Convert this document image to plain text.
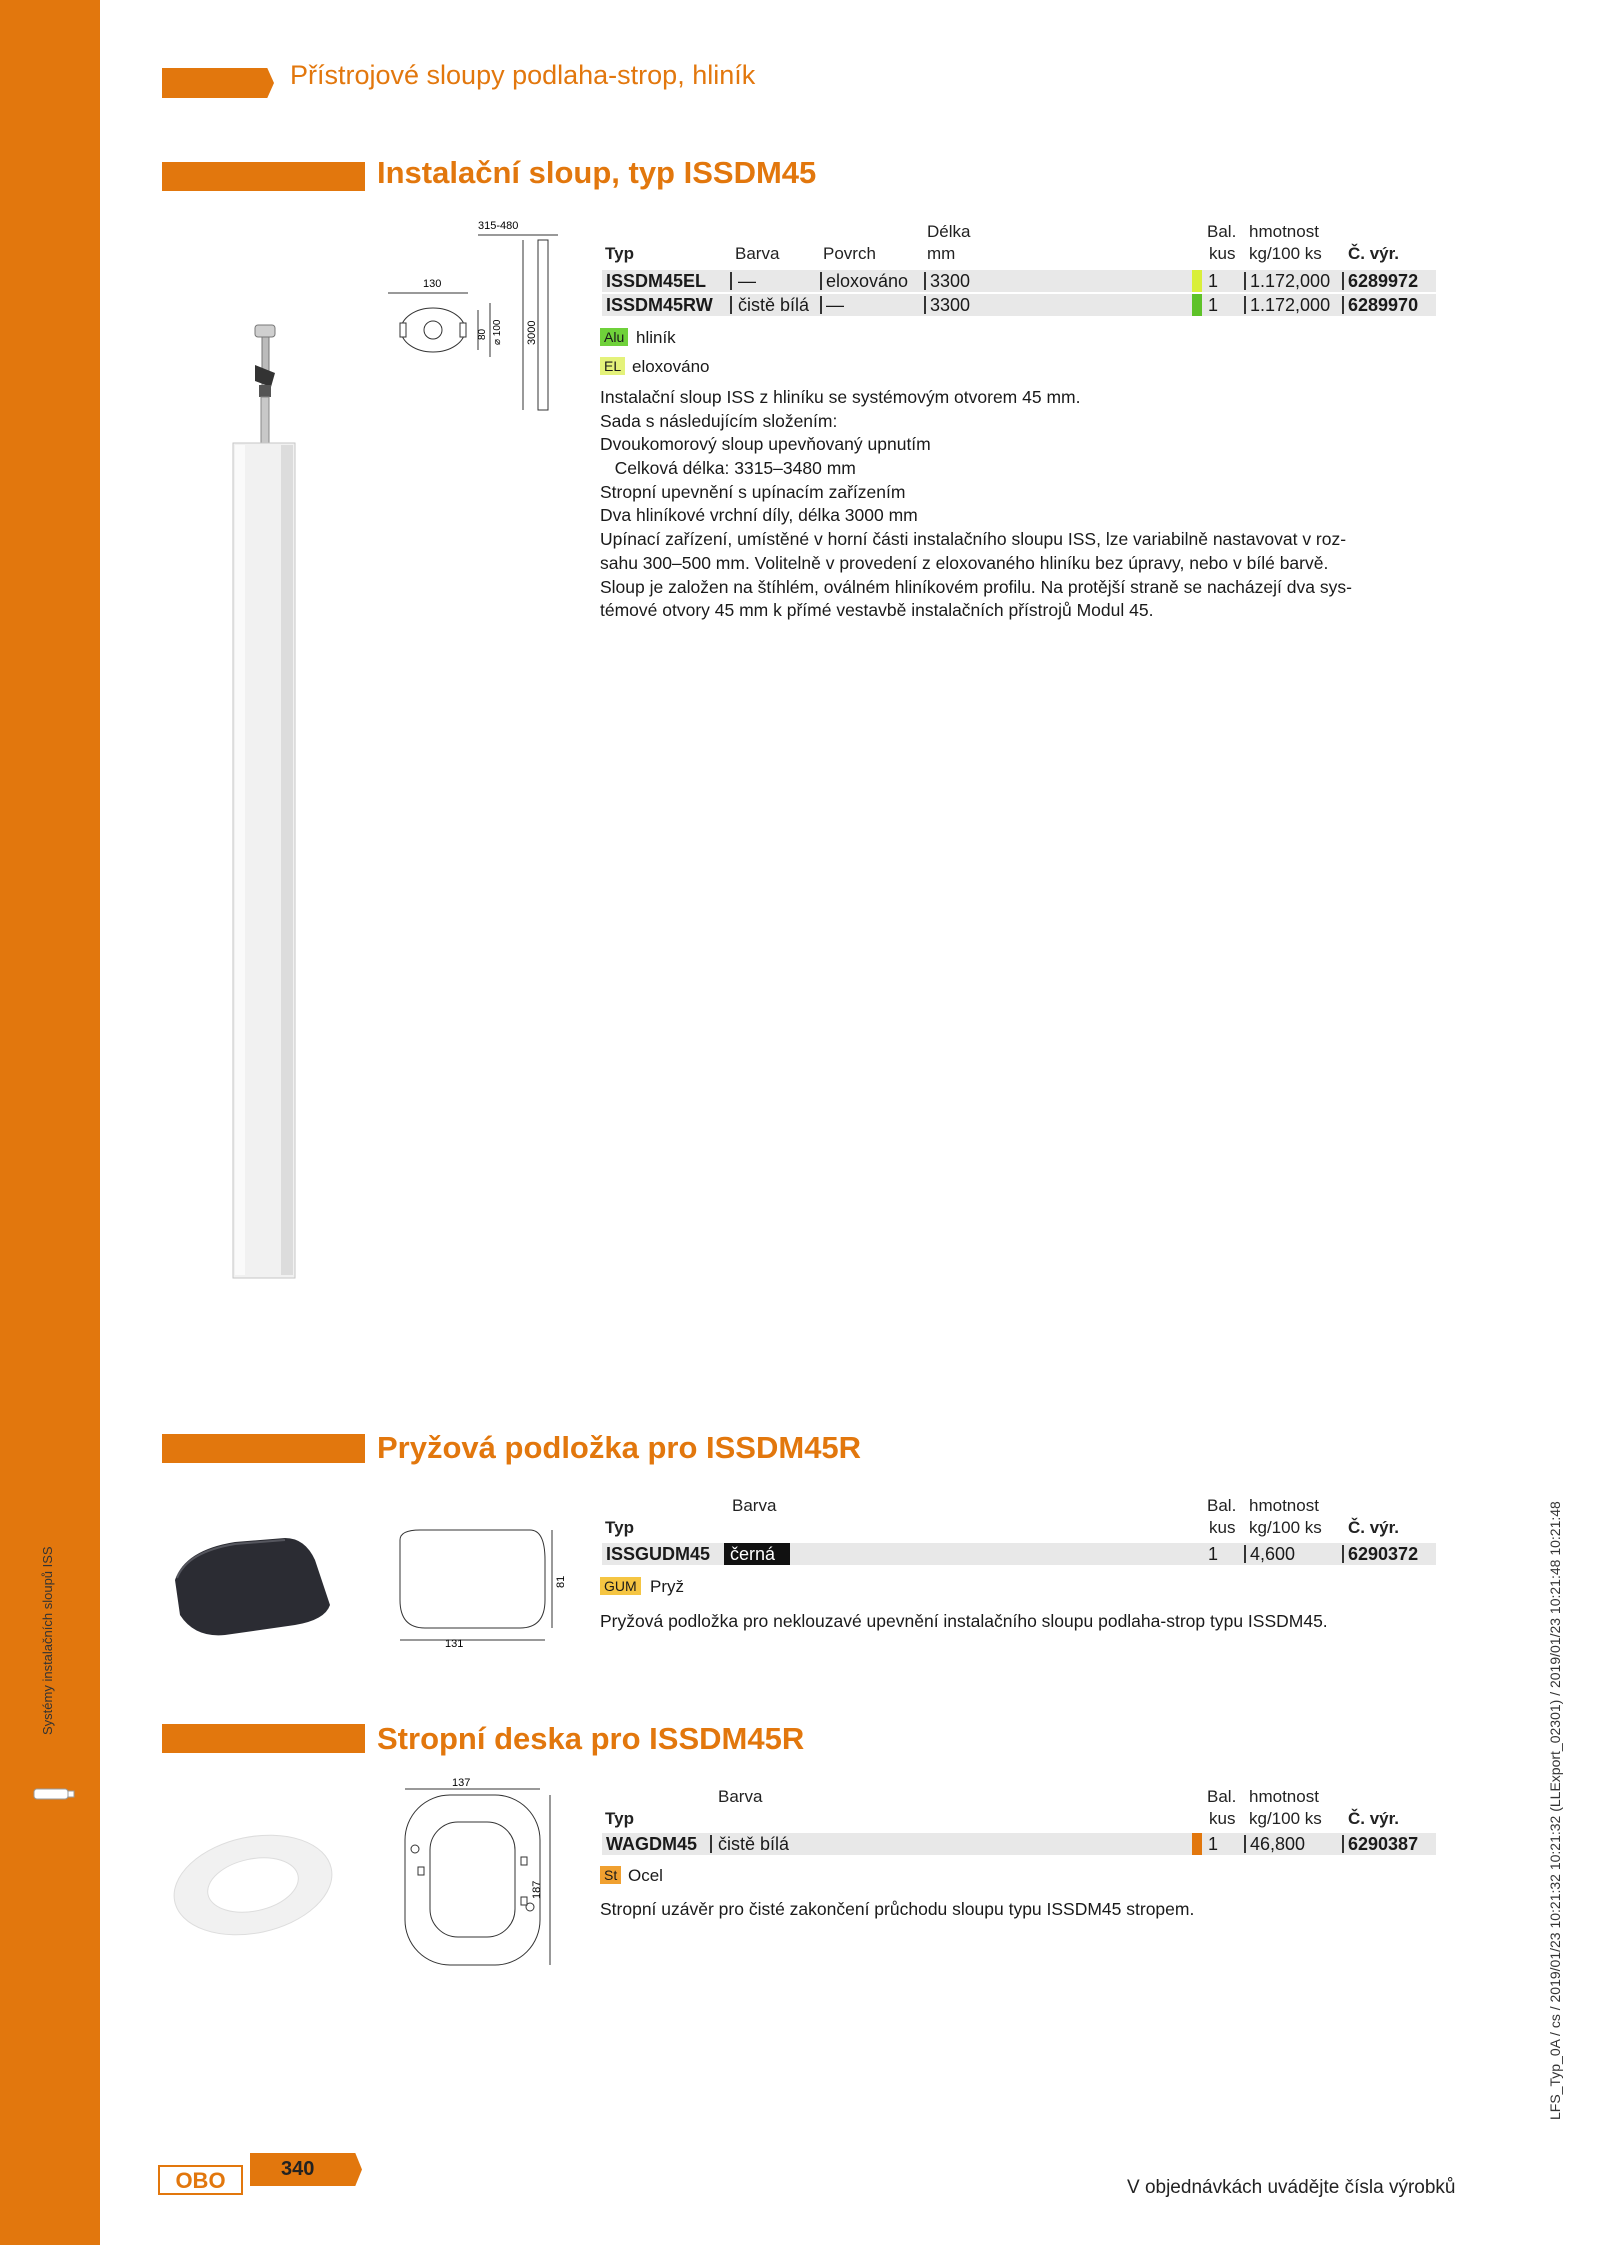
Systémy instalačních sloupů ISS
Přístrojové sloupy podlaha-strop, hliník
Instalační sloup, typ ISSDM45
315-480
3000
130
80 ⌀ 100
Délka	Bal. hmotnost
Typ	Barva	Povrch	mm	kus kg/100 ks Č. výr.
ISSDM45EL —	eloxováno 3300	1 1.172,000 6289972
ISSDM45RW čistě bílá —	3300	1 1.172,000 6289970
Alu hliník
EL eloxováno
Instalační sloup ISS z hliníku se systémovým otvorem 45 mm.
Sada s následujícím složením:
Dvoukomorový sloup upevňovaný upnutím
Celková délka: 3315–3480 mm
Stropní upevnění s upínacím zařízením
Dva hliníkové vrchní díly, délka 3000 mm
Upínací zařízení, umístěné v horní části instalačního sloupu ISS, lze variabilně nastavovat v roz-
sahu 300–500 mm. Volitelně v provedení z eloxovaného hliníku bez úpravy, nebo v bílé barvě.
Sloup je založen na štíhlém, oválném hliníkovém profilu. Na protější straně se nacházejí dva sys-
témové otvory 45 mm k přímé vestavbě instalačních přístrojů Modul 45.
Pryžová podložka pro ISSDM45R
131
81
Barva	Bal. hmotnost
Typ	kus kg/100 ks Č. výr.
ISSGUDM45 černá	1 4,600	6290372
GUM Pryž
Pryžová podložka pro neklouzavé upevnění instalačního sloupu podlaha-strop typu ISSDM45.
Stropní deska pro ISSDM45R
137
187
Barva	Bal. hmotnost
Typ	kus kg/100 ks Č. výr.
WAGDM45 čistě bílá	1 46,800 6290387
St Ocel
Stropní uzávěr pro čisté zakončení průchodu sloupu typu ISSDM45 stropem.
OBO	340
V objednávkách uvádějte čísla výrobků
LFS_Typ_0A / cs / 2019/01/23 10:21:32 10:21:32 (LLExport_02301) / 2019/01/23 10:21:48 10:21:48
